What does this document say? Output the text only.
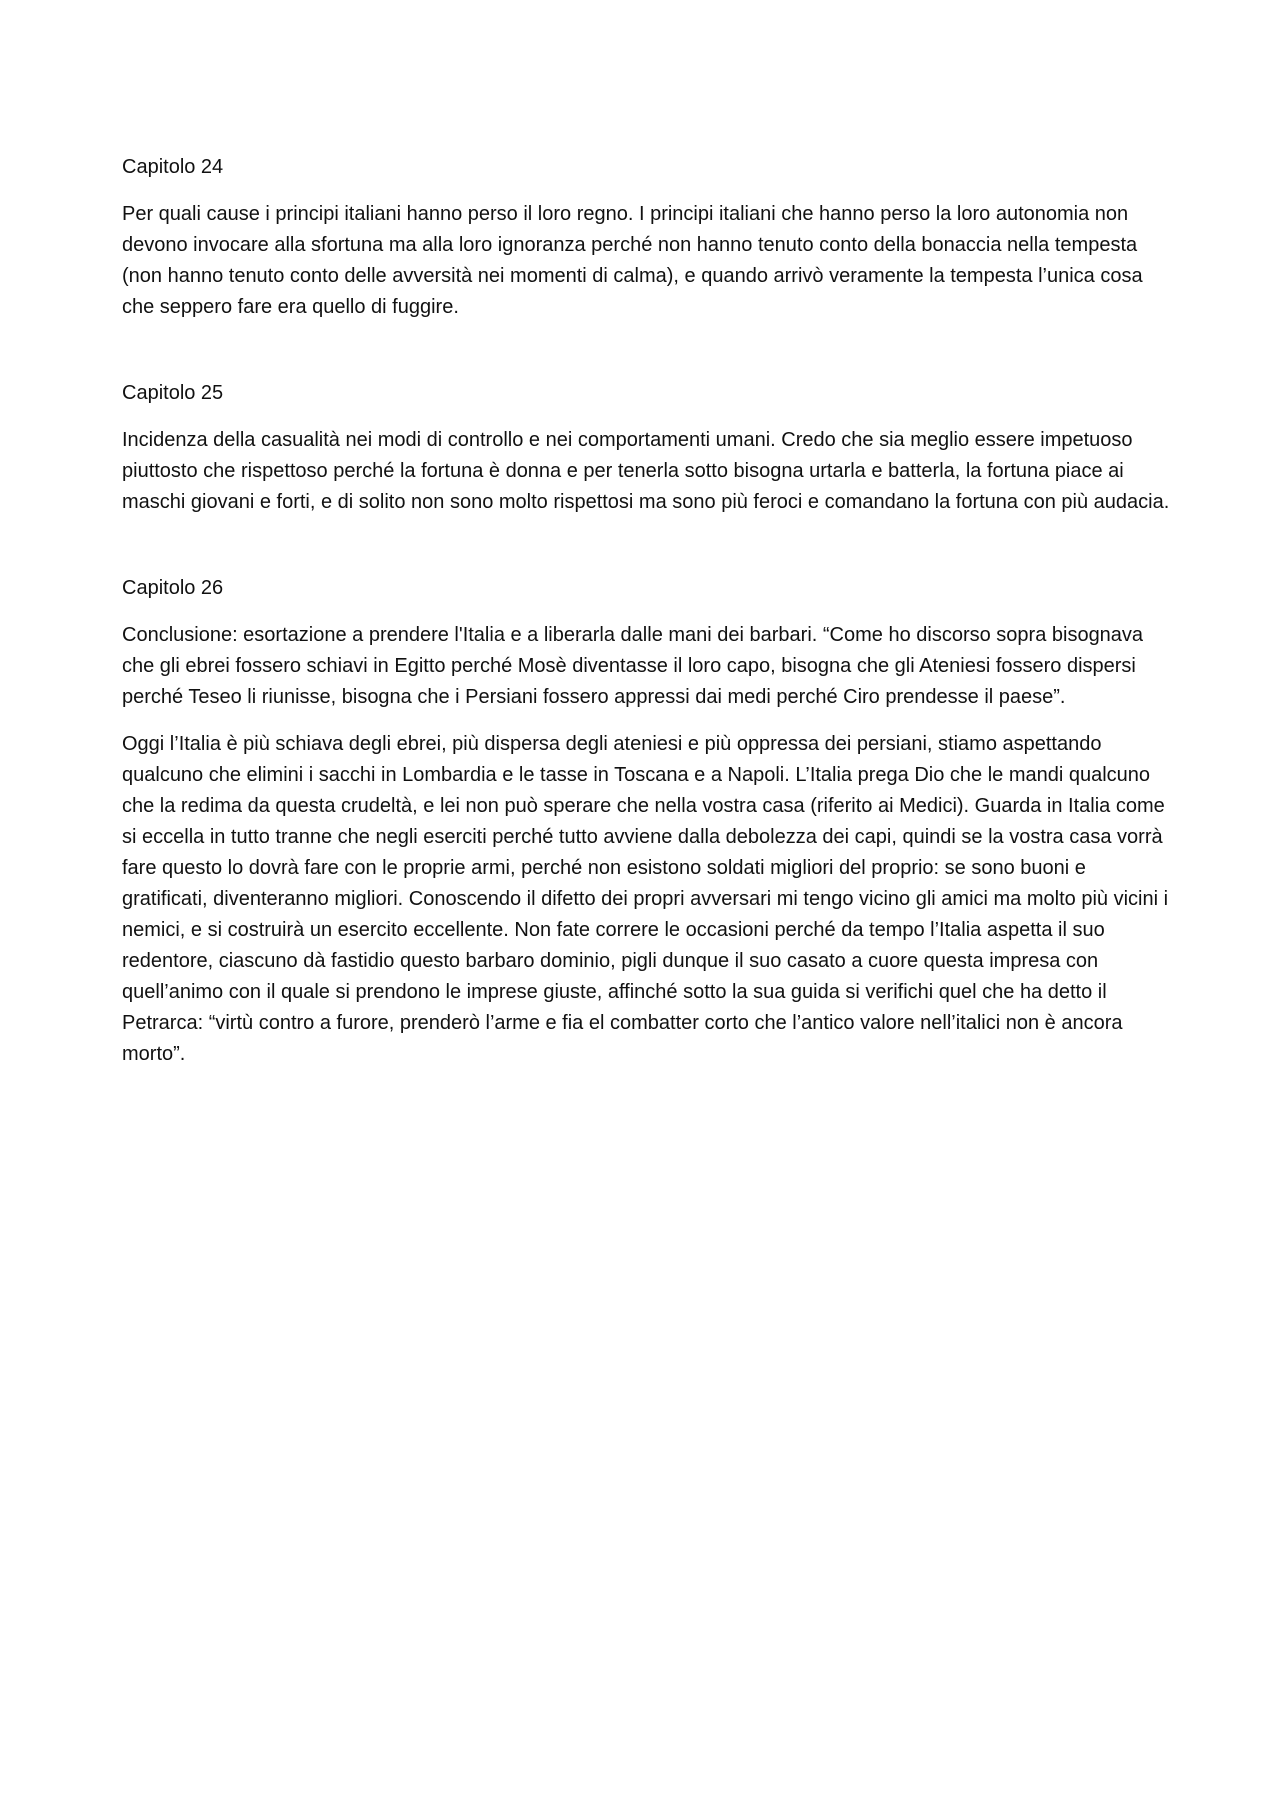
Capitolo 24

Per quali cause i principi italiani hanno perso il loro regno. I principi italiani che hanno perso la loro autonomia non devono invocare alla sfortuna ma alla loro ignoranza perché non hanno tenuto conto della bonaccia nella tempesta (non hanno tenuto conto delle avversità nei momenti di calma), e quando arrivò veramente la tempesta l’unica cosa che seppero fare era quello di fuggire.

Capitolo 25

Incidenza della casualità nei modi di controllo e nei comportamenti umani. Credo che sia meglio essere impetuoso piuttosto che rispettoso perché la fortuna è donna e per tenerla sotto bisogna urtarla e batterla, la fortuna piace ai maschi giovani e forti, e di solito non sono molto rispettosi ma sono più feroci e comandano la fortuna con più audacia.

Capitolo 26

Conclusione: esortazione a prendere l'Italia e a liberarla dalle mani dei barbari. “Come ho discorso sopra bisognava che gli ebrei fossero schiavi in Egitto perché Mosè diventasse il loro capo, bisogna che gli Ateniesi fossero dispersi perché Teseo li riunisse, bisogna che i Persiani fossero appressi dai medi perché Ciro prendesse il paese”.

Oggi l’Italia è più schiava degli ebrei, più dispersa degli ateniesi e più oppressa dei persiani, stiamo aspettando qualcuno che elimini i sacchi in Lombardia e le tasse in Toscana e a Napoli. L’Italia prega Dio che le mandi qualcuno che la redima da questa crudeltà, e lei non può sperare che nella vostra casa (riferito ai Medici). Guarda in Italia come si eccella in tutto tranne che negli eserciti perché tutto avviene dalla debolezza dei capi, quindi se la vostra casa vorrà fare questo lo dovrà fare con le proprie armi, perché non esistono soldati migliori del proprio: se sono buoni e gratificati, diventeranno migliori. Conoscendo il difetto dei propri avversari mi tengo vicino gli amici ma molto più vicini i nemici, e si costruirà un esercito eccellente. Non fate correre le occasioni perché da tempo l’Italia aspetta il suo redentore, ciascuno dà fastidio questo barbaro dominio, pigli dunque il suo casato a cuore questa impresa con quell’animo con il quale si prendono le imprese giuste, affinché sotto la sua guida si verifichi quel che ha detto il Petrarca: “virtù contro a furore, prenderò l’arme e fia el combatter corto che l’antico valore nell’italici non è ancora morto”.
